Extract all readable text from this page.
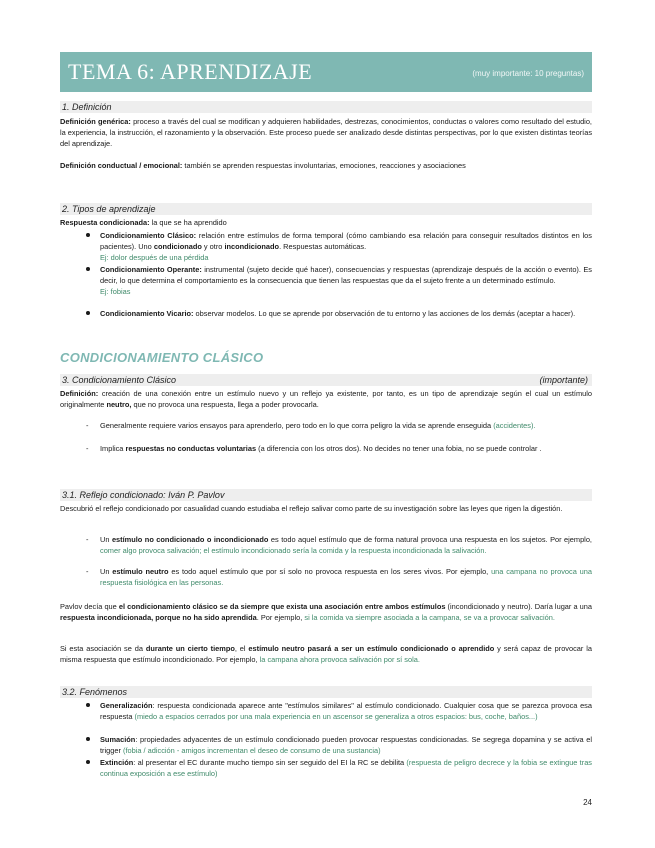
TEMA 6: APRENDIZAJE	(muy importante: 10 preguntas)
1. Definición
Definición genérica: proceso a través del cual se modifican y adquieren habilidades, destrezas, conocimientos, conductas o valores como resultado del estudio, la experiencia, la instrucción, el razonamiento y la observación. Este proceso puede ser analizado desde distintas perspectivas, por lo que existen distintas teorías del aprendizaje.
Definición conductual / emocional: también se aprenden respuestas involuntarias, emociones, reacciones y asociaciones
2. Tipos de aprendizaje
Respuesta condicionada: la que se ha aprendido
Condicionamiento Clásico: relación entre estímulos de forma temporal (cómo cambiando esa relación para conseguir resultados distintos en los pacientes). Uno condicionado y otro incondicionado. Respuestas automáticas.
Ej: dolor después de una pérdida
Condicionamiento Operante: instrumental (sujeto decide qué hacer), consecuencias y respuestas (aprendizaje después de la acción o evento). Es decir, lo que determina el comportamiento es la consecuencia que tienen las respuestas que da el sujeto frente a un determinado estímulo.
Ej: fobias
Condicionamiento Vicario: observar modelos. Lo que se aprende por observación de tu entorno y las acciones de los demás (aceptar a hacer).
CONDICIONAMIENTO CLÁSICO
3. Condicionamiento Clásico	(importante)
Definición: creación de una conexión entre un estímulo nuevo y un reflejo ya existente, por tanto, es un tipo de aprendizaje según el cual un estímulo originalmente neutro, que no provoca una respuesta, llega a poder provocarla.
- Generalmente requiere varios ensayos para aprenderlo, pero todo en lo que corra peligro la vida se aprende enseguida (accidentes).
- Implica respuestas no conductas voluntarias (a diferencia con los otros dos). No decides no tener una fobia, no se puede controlar .
3.1. Reflejo condicionado: Iván P. Pavlov
Descubrió el reflejo condicionado por casualidad cuando estudiaba el reflejo salivar como parte de su investigación sobre las leyes que rigen la digestión.
- Un estímulo no condicionado o incondicionado es todo aquel estímulo que de forma natural provoca una respuesta en los sujetos. Por ejemplo, comer algo provoca salivación; el estímulo incondicionado sería la comida y la respuesta incondicionada la salivación.
- Un estímulo neutro es todo aquel estímulo que por sí solo no provoca respuesta en los seres vivos. Por ejemplo, una campana no provoca una respuesta fisiológica en las personas.
Pavlov decía que el condicionamiento clásico se da siempre que exista una asociación entre ambos estímulos (incondicionado y neutro). Daría lugar a una respuesta incondicionada, porque no ha sido aprendida. Por ejemplo, si la comida va siempre asociada a la campana, se va a provocar salivación.
Si esta asociación se da durante un cierto tiempo, el estímulo neutro pasará a ser un estímulo condicionado o aprendido y será capaz de provocar la misma respuesta que estímulo incondicionado. Por ejemplo, la campana ahora provoca salivación por sí sola.
3.2. Fenómenos
Generalización: respuesta condicionada aparece ante "estímulos similares" al estímulo condicionado. Cualquier cosa que se parezca provoca esa respuesta (miedo a espacios cerrados por una mala experiencia en un ascensor se generaliza a otros espacios: bus, coche, baños...)
Sumación: propiedades adyacentes de un estímulo condicionado pueden provocar respuestas condicionadas. Se segrega dopamina y se activa el trigger (fobia / adicción - amigos incrementan el deseo de consumo de una sustancia)
Extinción: al presentar el EC durante mucho tiempo sin ser seguido del EI la RC se debilita (respuesta de peligro decrece y la fobia se extingue tras continua exposición a ese estímulo)
24
